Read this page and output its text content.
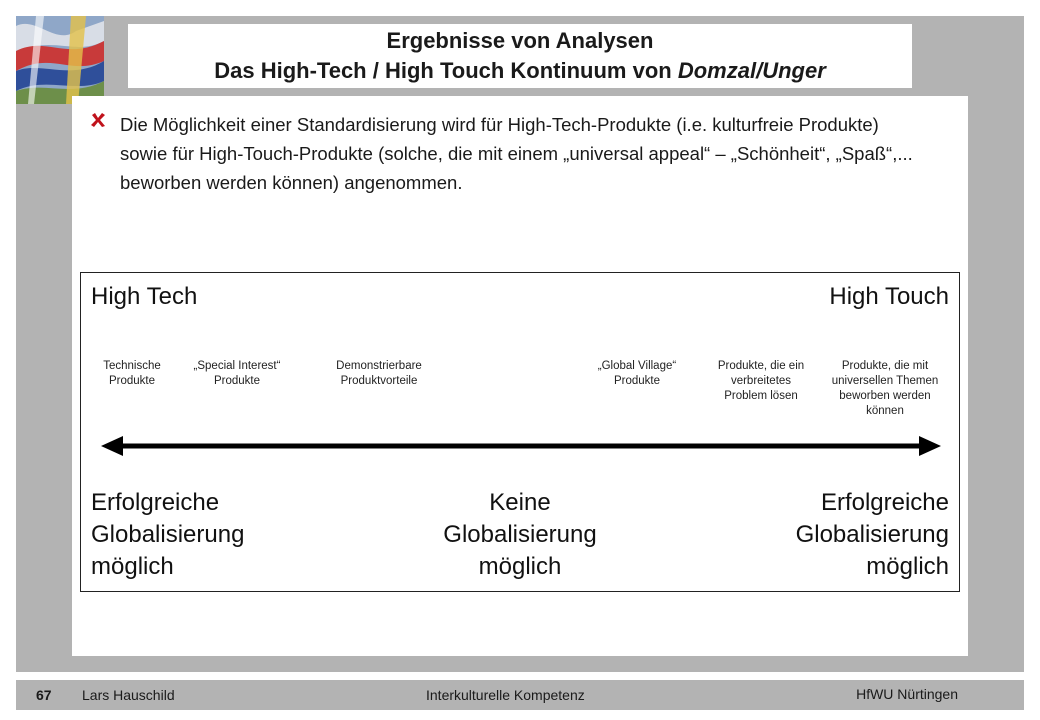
Ergebnisse von Analysen
Das High-Tech / High Touch Kontinuum von Domzal/Unger
Die Möglichkeit einer Standardisierung wird für High-Tech-Produkte (i.e. kulturfreie Produkte) sowie für High-Touch-Produkte (solche, die mit einem „universal appeal“ – „Schönheit“, „Spaß“,... beworben werden können) angenommen.
High Tech	High Touch
Technische
Produkte
„Special Interest“
Produkte
Demonstrierbare
Produktvorteile
„Global Village“
Produkte
Produkte, die ein
verbreitetes
Problem lösen
Produkte, die mit
universellen Themen
beworben werden
können
Erfolgreiche
Globalisierung
möglich
Keine
Globalisierung
möglich
Erfolgreiche
Globalisierung
möglich
67 Lars Hauschild	Interkulturelle Kompetenz	HfWU Nürtingen
